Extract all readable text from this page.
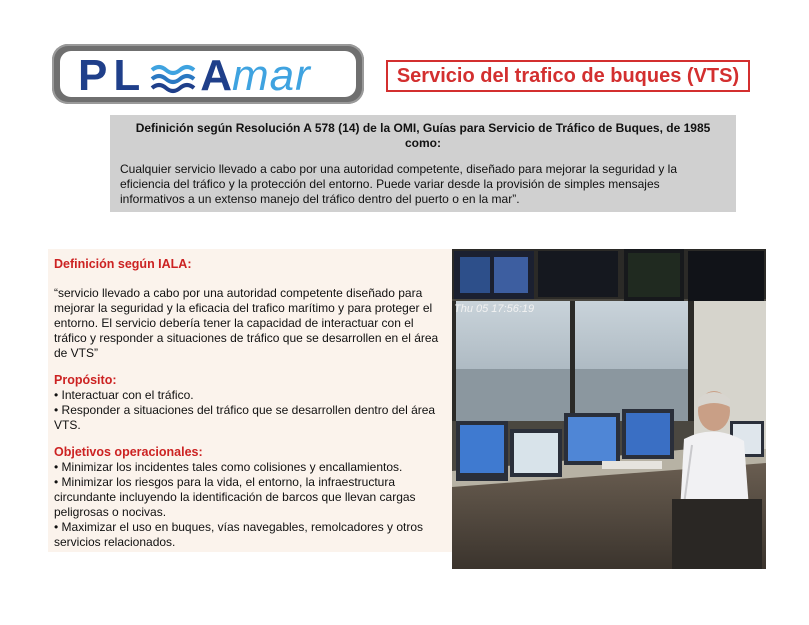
PL Amar	Servicio del trafico de buques (VTS)

Definición según Resolución A 578 (14) de la OMI, Guías para Servicio de Tráfico de Buques, de 1985
como:

Cualquier servicio llevado a cabo por una autoridad competente, diseñado para mejorar la seguridad y la eficiencia del tráfico y la protección del entorno. Puede variar desde la provisión de simples mensajes informativos a un extenso manejo del tráfico dentro del puerto o en la mar”.

Definición según IALA:

“servicio llevado a cabo por una autoridad competente diseñado para mejorar la seguridad y la eficacia del trafico marítimo y para proteger el entorno. El servicio debería tener la capacidad de interactuar con el tráfico y responder a situaciones de tráfico que se desarrollen en el área de VTS”

Propósito:

• Interactuar con el tráfico.

• Responder a situaciones del tráfico que se desarrollen dentro del área VTS.

Objetivos operacionales:

• Minimizar los incidentes tales como colisiones y encallamientos.

• Minimizar los riesgos para la vida, el entorno, la infraestructura circundante incluyendo la identificación de barcos que llevan cargas peligrosas o nocivas.

• Maximizar el uso en buques, vías navegables, remolcadores y otros servicios relacionados.

Thu 05 17:56:19
